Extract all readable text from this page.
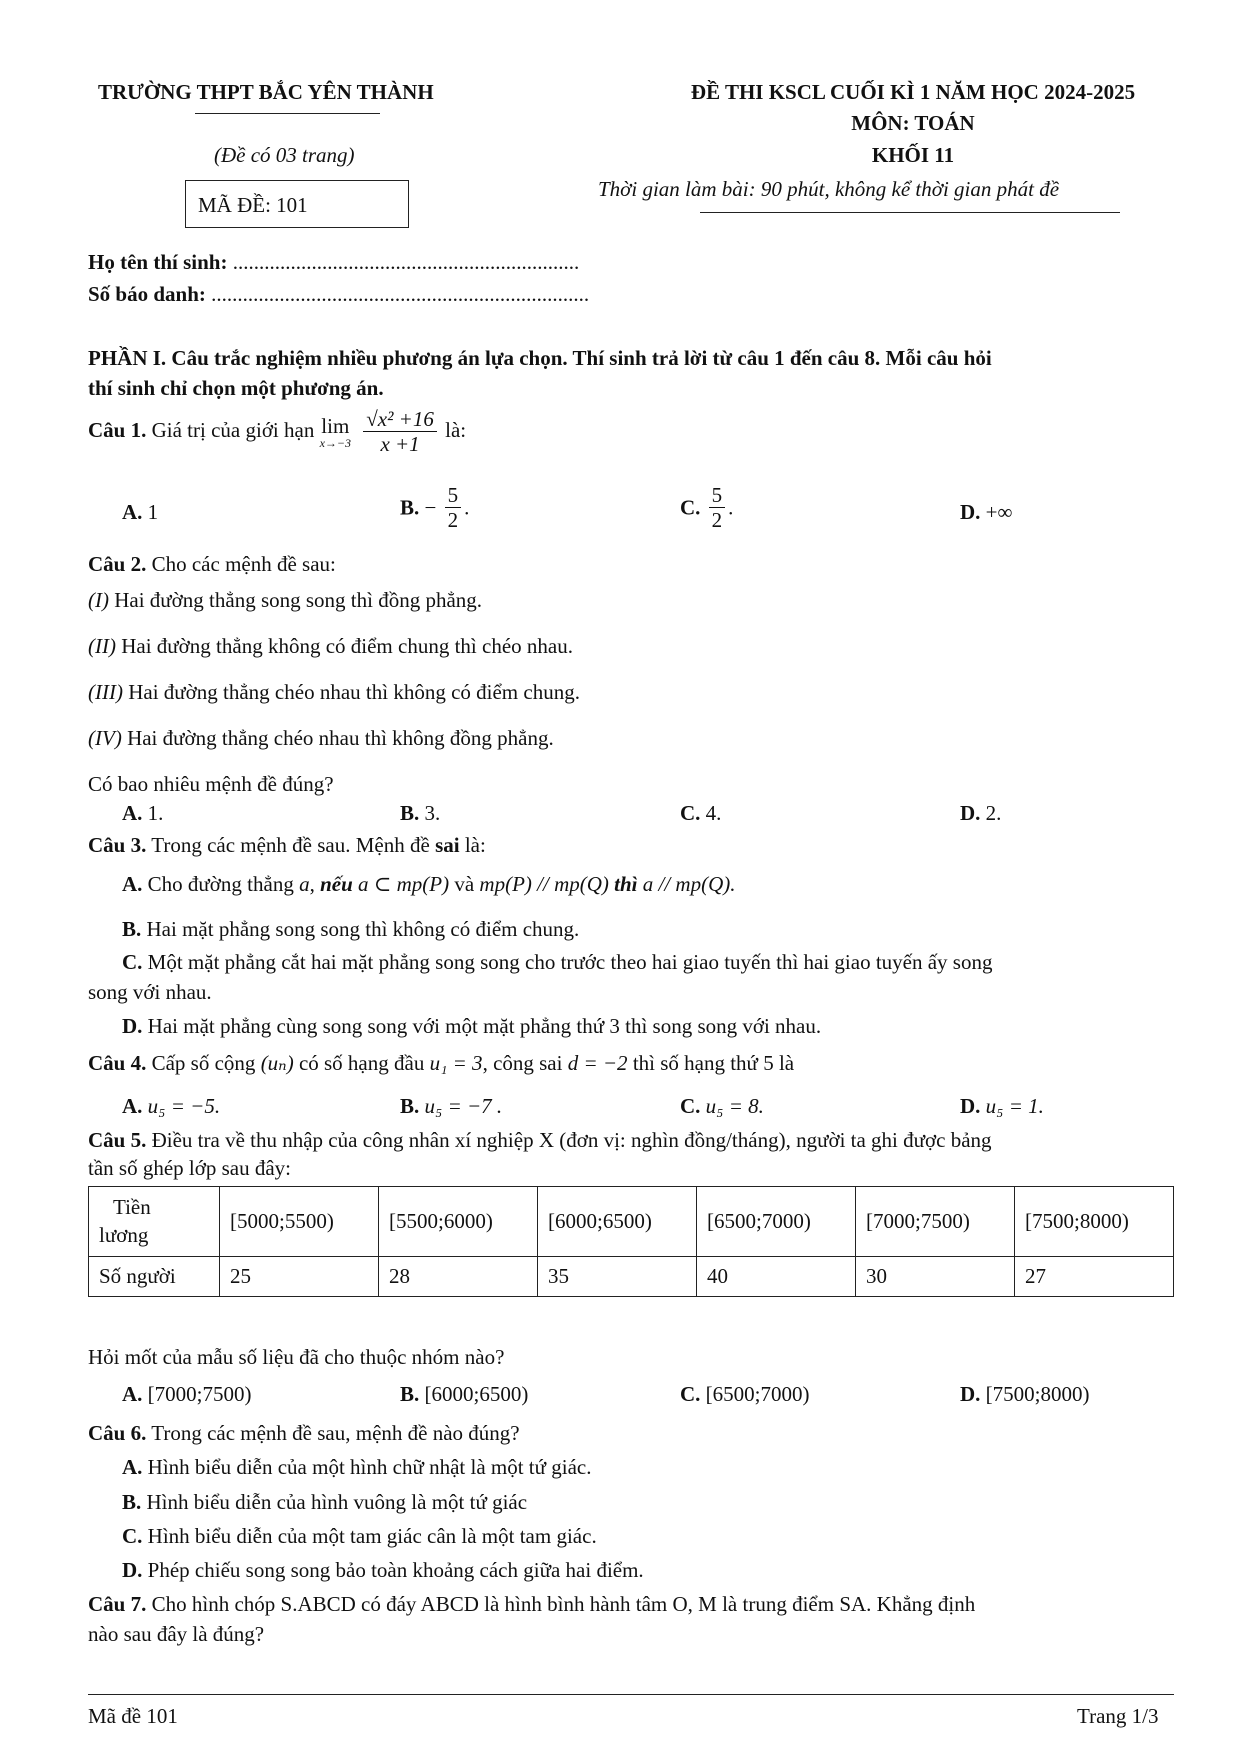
TRƯỜNG THPT BẮC YÊN THÀNH
(Đề có 03 trang)
MÃ ĐỀ: 101
ĐỀ THI KSCL CUỐI KÌ 1 NĂM HỌC 2024-2025
MÔN: TOÁN
KHỐI 11
Thời gian làm bài: 90 phút, không kể thời gian phát đề
Họ tên thí sinh: ..................................................................
Số báo danh: ........................................................................
PHẦN I. Câu trắc nghiệm nhiều phương án lựa chọn. Thí sinh trả lời từ câu 1 đến câu 8. Mỗi câu hỏi
thí sinh chỉ chọn một phương án.
Câu 1. Giá trị của giới hạn lim
x→−3
$\frac{\text{√x² +16}}{x +1}$ là:
A. 1	B. − $\frac{5}{2}$ .	C. $\frac{5}{2}$ .	D. +∞
Câu 2. Cho các mệnh đề sau:
(I) Hai đường thẳng song song thì đồng phẳng.
(II) Hai đường thẳng không có điểm chung thì chéo nhau.
(III) Hai đường thẳng chéo nhau thì không có điểm chung.
(IV) Hai đường thẳng chéo nhau thì không đồng phẳng.
Có bao nhiêu mệnh đề đúng?
A. 1.	B. 3.	C. 4.	D. 2.
Câu 3. Trong các mệnh đề sau. Mệnh đề sai là:
A. Cho đường thẳng a, nếu a ⊂ mp(P) và mp(P) // mp(Q) thì a // mp(Q).
B. Hai mặt phẳng song song thì không có điểm chung.
C. Một mặt phẳng cắt hai mặt phẳng song song cho trước theo hai giao tuyến thì hai giao tuyến ấy song
song với nhau.
D. Hai mặt phẳng cùng song song với một mặt phẳng thứ 3 thì song song với nhau.
Câu 4. Cấp số cộng (uₙ) có số hạng đầu u₁ = 3, công sai d = −2 thì số hạng thứ 5 là
A. u₅ = −5.	B. u₅ = −7 .	C. u₅ = 8.	D. u₅ = 1.
Câu 5. Điều tra về thu nhập của công nhân xí nghiệp X (đơn vị: nghìn đồng/tháng), người ta ghi được bảng
tần số ghép lớp sau đây:
Tiền
lương	[5000;5500)	[5500;6000)	[6000;6500)	[6500;7000)	[7000;7500)	[7500;8000)
Số người	25	28	35	40	30	27
Hỏi mốt của mẫu số liệu đã cho thuộc nhóm nào?
A. [7000;7500)	B. [6000;6500)	C. [6500;7000)	D. [7500;8000)
Câu 6. Trong các mệnh đề sau, mệnh đề nào đúng?
A. Hình biểu diễn của một hình chữ nhật là một tứ giác.
B. Hình biểu diễn của hình vuông là một tứ giác
C. Hình biểu diễn của một tam giác cân là một tam giác.
D. Phép chiếu song song bảo toàn khoảng cách giữa hai điểm.
Câu 7. Cho hình chóp S.ABCD có đáy ABCD là hình bình hành tâm O, M là trung điểm SA. Khẳng định
nào sau đây là đúng?
Mã đề 101	Trang 1/3
